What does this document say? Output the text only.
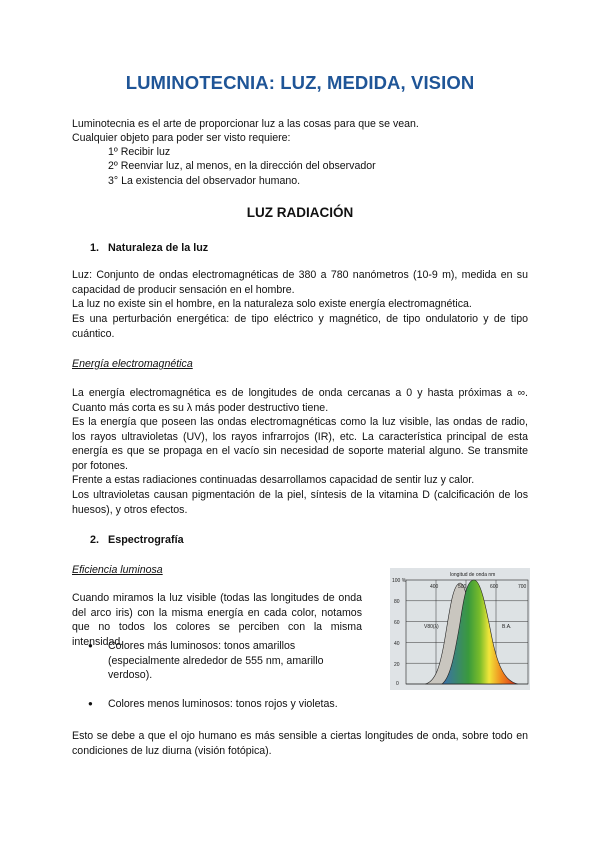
LUMINOTECNIA: LUZ, MEDIDA, VISION
Luminotecnia es el arte de proporcionar luz a las cosas para que se vean.
Cualquier objeto para poder ser visto requiere:
1º Recibir luz
2º Reenviar luz, al menos, en la dirección del observador
3° La existencia del observador humano.
LUZ RADIACIÓN
1. Naturaleza de la luz
Luz: Conjunto de ondas electromagnéticas de 380 a 780 nanómetros (10-9 m), medida en su capacidad de producir sensación en el hombre.
La luz no existe sin el hombre, en la naturaleza solo existe energía electromagnética.
Es una perturbación energética: de tipo eléctrico y magnético, de tipo ondulatorio y de tipo cuántico.
Energía electromagnética
La energía electromagnética es de longitudes de onda cercanas a 0 y hasta próximas a ∞. Cuanto más corta es su λ más poder destructivo tiene.
Es la energía que poseen las ondas electromagnéticas como la luz visible, las ondas de radio, los rayos ultravioletas (UV), los rayos infrarrojos (IR), etc. La característica principal de esta energía es que se propaga en el vacío sin necesidad de soporte material alguno. Se transmite por fotones.
Frente a estas radiaciones continuadas desarrollamos capacidad de sentir luz y calor.
Los ultravioletas causan pigmentación de la piel, síntesis de la vitamina D (calcificación de los huesos), y otros efectos.
2. Espectrografía
Eficiencia luminosa
Cuando miramos la luz visible (todas las longitudes de onda del arco iris) con la misma energía en cada color, notamos que no todos los colores se perciben con la misma intensidad.
● Colores más luminosos: tonos amarillos (especialmente alrededor de 555 nm, amarillo verdoso).
● Colores menos luminosos: tonos rojos y violetas.
Esto se debe a que el ojo humano es más sensible a ciertas longitudes de onda, sobre todo en condiciones de luz diurna (visión fotópica).
longitud de onda nm
400	500	600	700
100 %
80
60
40
20
0
V80(λ)	B.A.
